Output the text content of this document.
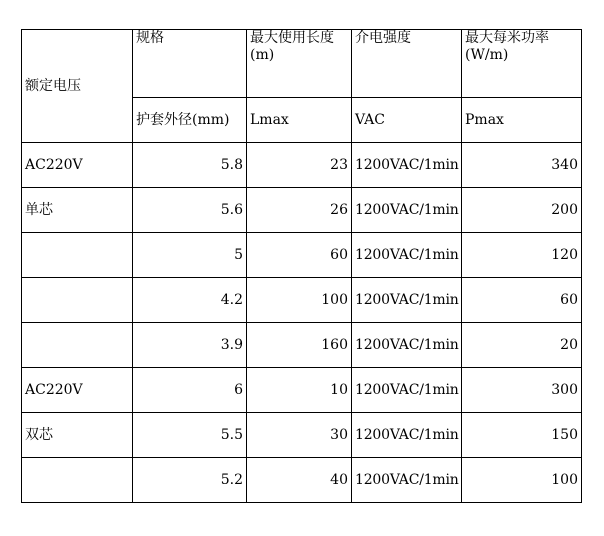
额定电压	规格	最大使用长度(m)	介电强度	最大每米功率(W/m)
	护套外径(mm)	Lmax	VAC	Pmax
AC220V	5.8	23	1200VAC/1min	340
单芯	5.6	26	1200VAC/1min	200
	5	60	1200VAC/1min	120
	4.2	100	1200VAC/1min	60
	3.9	160	1200VAC/1min	20
AC220V	6	10	1200VAC/1min	300
双芯	5.5	30	1200VAC/1min	150
	5.2	40	1200VAC/1min	100
